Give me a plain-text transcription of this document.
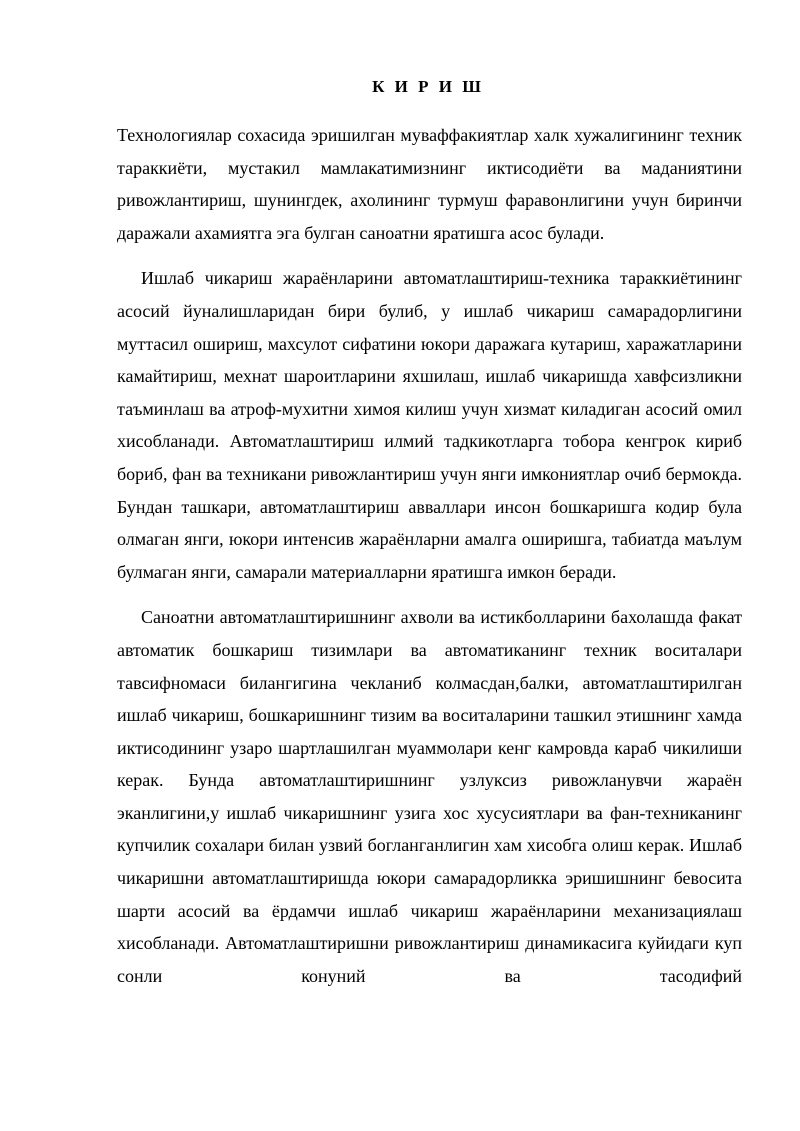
К И Р И Ш

Технологиялар сохасида эришилган муваффакиятлар халк хужалигининг техник тараккиёти, мустакил мамлакатимизнинг иктисодиёти ва маданиятини ривожлантириш, шунингдек, ахолининг турмуш фаравонлигини учун биринчи даражали ахамиятга эга булган саноатни яратишга асос булади.

Ишлаб чикариш жараёнларини автоматлаштириш-техника тараккиётининг асосий йуналишларидан бири булиб, у ишлаб чикариш самарадорлигини муттасил ошириш, махсулот сифатини юкори даражага кутариш, харажатларини камайтириш, мехнат шароитларини яхшилаш, ишлаб чикаришда хавфсизликни таъминлаш ва атроф-мухитни химоя килиш учун хизмат киладиган асосий омил хисобланади. Автоматлаштириш илмий тадкикотларга тобора кенгрок кириб бориб, фан ва техникани ривожлантириш учун янги имкониятлар очиб бермокда. Бундан ташкари, автоматлаштириш авваллари инсон бошкаришга кодир була олмаган янги, юкори интенсив жараёнларни амалга оширишга, табиатда маълум булмаган янги, самарали материалларни яратишга имкон беради.

Саноатни автоматлаштиришнинг ахволи ва истикболларини бахолашда факат автоматик бошкариш тизимлари ва автоматиканинг техник воситалари тавсифномаси билангигина чекланиб колмасдан,балки, автоматлаштирилган ишлаб чикариш, бошкаришнинг тизим ва воситаларини ташкил этишнинг хамда иктисодининг узаро шартлашилган муаммолари кенг камровда караб чикилиши керак. Бунда автоматлаштиришнинг узлуксиз ривожланувчи жараён эканлигини,у ишлаб чикаришнинг узига хос хусусиятлари ва фан-техниканинг купчилик сохалари билан узвий богланганлигин хам хисобга олиш керак. Ишлаб чикаришни автоматлаштиришда юкори самарадорликка эришишнинг бевосита шарти асосий ва ёрдамчи ишлаб чикариш жараёнларини механизациялаш хисобланади. Автоматлаштиришни ривожлантириш динамикасига куйидаги куп сонли конуний ва тасодифий
